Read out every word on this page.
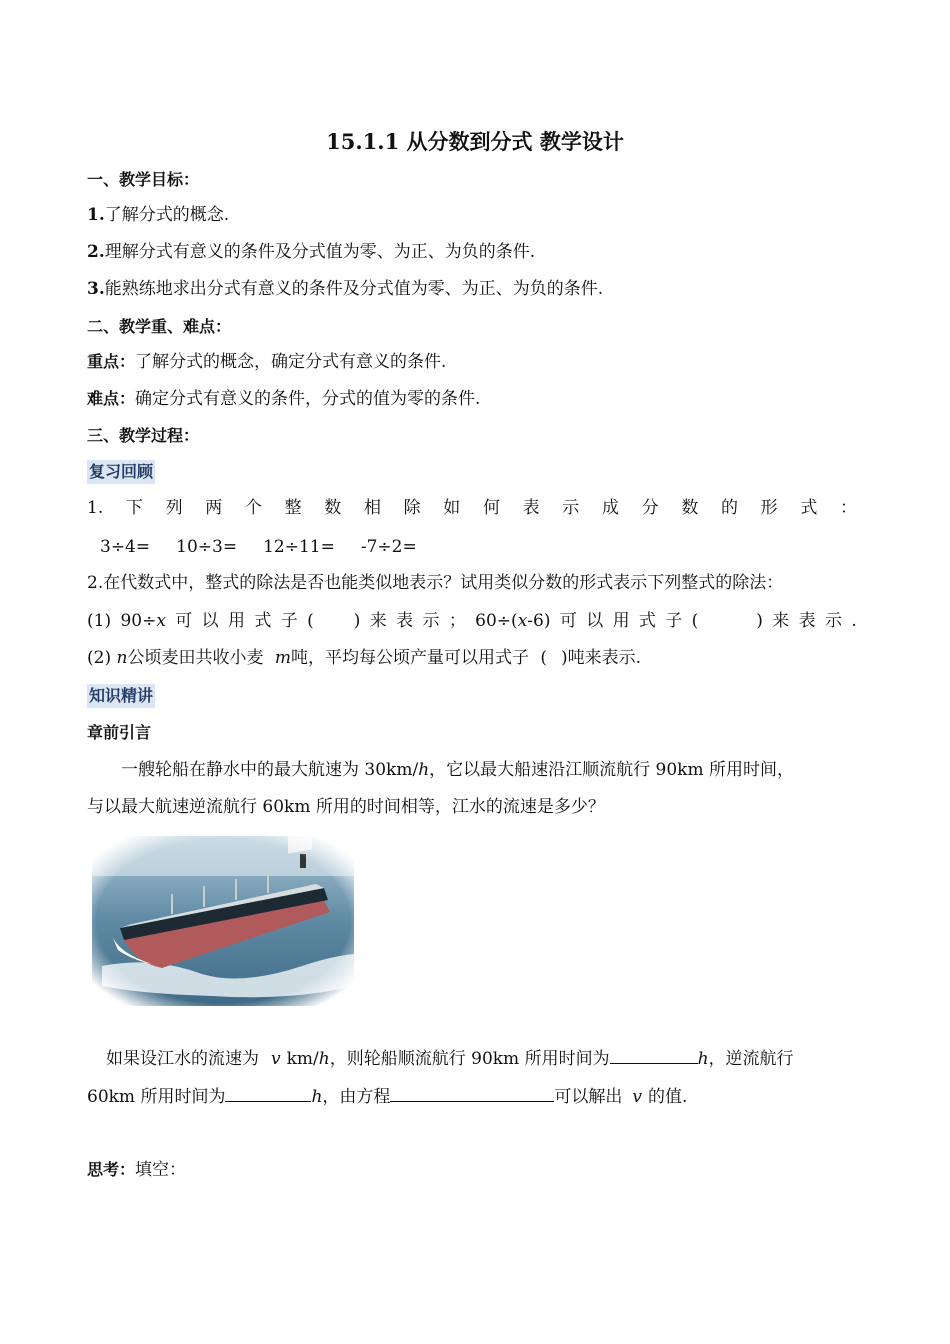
15.1.1 从分数到分式 教学设计
一、教学目标：
1.了解分式的概念.
2.理解分式有意义的条件及分式值为零、为正、为负的条件.
3.能熟练地求出分式有意义的条件及分式值为零、为正、为负的条件.
二、教学重、难点：
重点：了解分式的概念，确定分式有意义的条件.
难点：确定分式有意义的条件，分式的值为零的条件.
三、教学过程：
复习回顾
1. 下 列 两 个 整 数 相 除 如 何 表 示 成 分 数 的 形 式 ：
3÷4= 10÷3= 12÷11= -7÷2=
2.在代数式中，整式的除法是否也能类似地表示？试用类似分数的形式表示下列整式的除法：
(1) 90÷x 可 以 用 式 子 ( ) 来 表 示 ； 60÷(x-6) 可 以 用 式 子 (	) 来 表 示 .
(2) n公顷麦田共收小麦 m吨，平均每公顷产量可以用式子 ( )吨来表示.
知识精讲
章前引言
一艘轮船在静水中的最大航速为 30km/h，它以最大船速沿江顺流航行 90km 所用时间，
与以最大航速逆流航行 60km 所用的时间相等，江水的流速是多少？
如果设江水的流速为 v km/h，则轮船顺流航行 90km 所用时间为	h，逆流航行
60km 所用时间为	h，由方程	可以解出 v 的值.
思考：填空：
